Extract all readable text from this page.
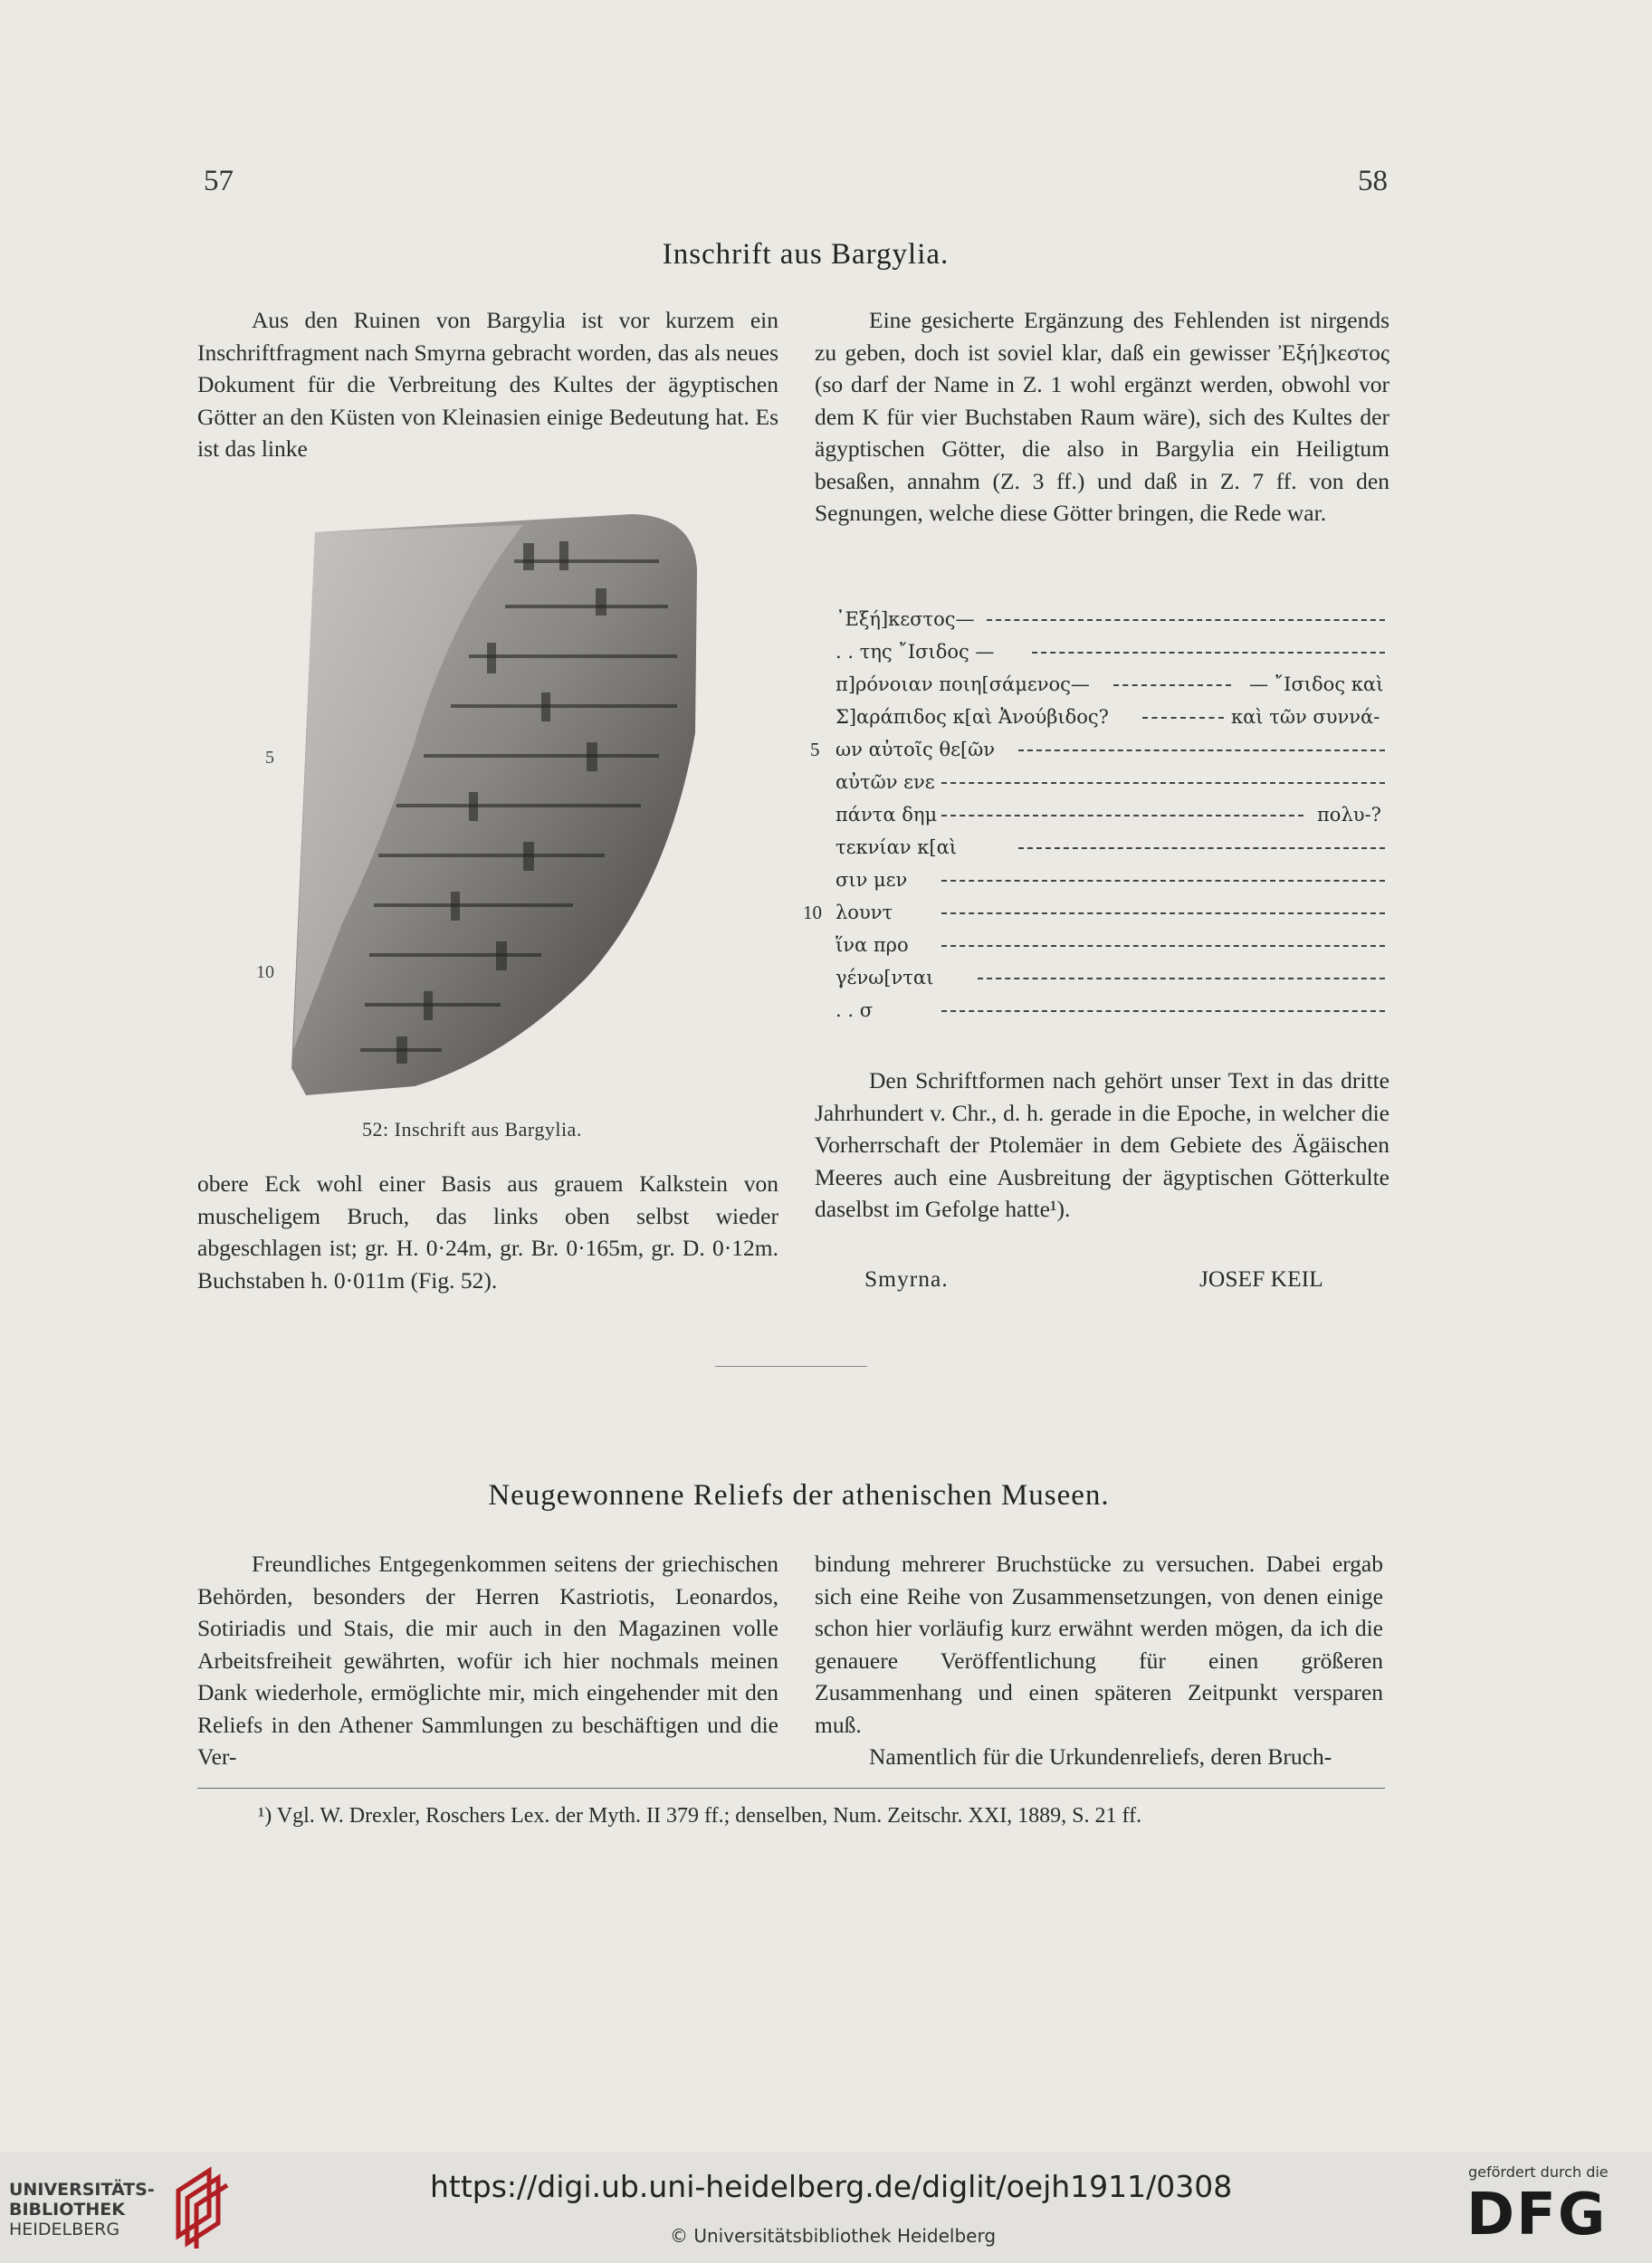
57	58
Inschrift aus Bargylia.
Aus den Ruinen von Bargylia ist vor kurzem ein Inschriftfragment nach Smyrna gebracht worden, das als neues Dokument für die Verbreitung des Kultes der ägyptischen Götter an den Küsten von Kleinasien einige Bedeutung hat. Es ist das linke
5
10
52: Inschrift aus Bargylia.
obere Eck wohl einer Basis aus grauem Kalkstein von muscheligem Bruch, das links oben selbst wieder abgeschlagen ist; gr. H. 0·24m, gr. Br. 0·165m, gr. D. 0·12m. Buchstaben h. 0·011m (Fig. 52).
Eine gesicherte Ergänzung des Fehlenden ist nirgends zu geben, doch ist soviel klar, daß ein gewisser Ἐξή]κεστος (so darf der Name in Z. 1 wohl ergänzt werden, obwohl vor dem K für vier Buchstaben Raum wäre), sich des Kultes der ägyptischen Götter, die also in Bargylia ein Heiligtum besaßen, annahm (Z. 3 ff.) und daß in Z. 7 ff. von den Segnungen, welche diese Götter bringen, die Rede war.
᾿Εξή]κεστος—
. . της ῎Ισιδος —
π]ρόνοιαν ποιη[σάμενος—	— ῎Ισιδος καὶ
Σ]αράπιδος κ[αὶ Ἀνούβιδος?	καὶ τῶν συννά-
5 ων αὐτοῖς θε[ῶν
αὐτῶν ενε
πάντα δημ	πολυ-?
τεκνίαν κ[αὶ
σιν μεν
10 λουντ
ἵνα προ
γένω[νται
. . σ
Den Schriftformen nach gehört unser Text in das dritte Jahrhundert v. Chr., d. h. gerade in die Epoche, in welcher die Vorherrschaft der Ptolemäer in dem Gebiete des Ägäischen Meeres auch eine Ausbreitung der ägyptischen Götterkulte daselbst im Gefolge hatte¹).
Smyrna.	JOSEF KEIL
Neugewonnene Reliefs der athenischen Museen.
Freundliches Entgegenkommen seitens der griechischen Behörden, besonders der Herren Kastriotis, Leonardos, Sotiriadis und Stais, die mir auch in den Magazinen volle Arbeitsfreiheit gewährten, wofür ich hier nochmals meinen Dank wiederhole, ermöglichte mir, mich eingehender mit den Reliefs in den Athener Sammlungen zu beschäftigen und die Ver-

bindung mehrerer Bruchstücke zu versuchen. Dabei ergab sich eine Reihe von Zusammensetzungen, von denen einige schon hier vorläufig kurz erwähnt werden mögen, da ich die genauere Veröffentlichung für einen größeren Zusammenhang und einen späteren Zeitpunkt versparen muß.

Namentlich für die Urkundenreliefs, deren Bruch-

¹) Vgl. W. Drexler, Roschers Lex. der Myth. II 379 ff.; denselben, Num. Zeitschr. XXI, 1889, S. 21 ff.
UNIVERSITÄTS-
BIBLIOTHEK
HEIDELBERG
https://digi.ub.uni-heidelberg.de/diglit/oejh1911/0308
© Universitätsbibliothek Heidelberg
gefördert durch die
DFG
